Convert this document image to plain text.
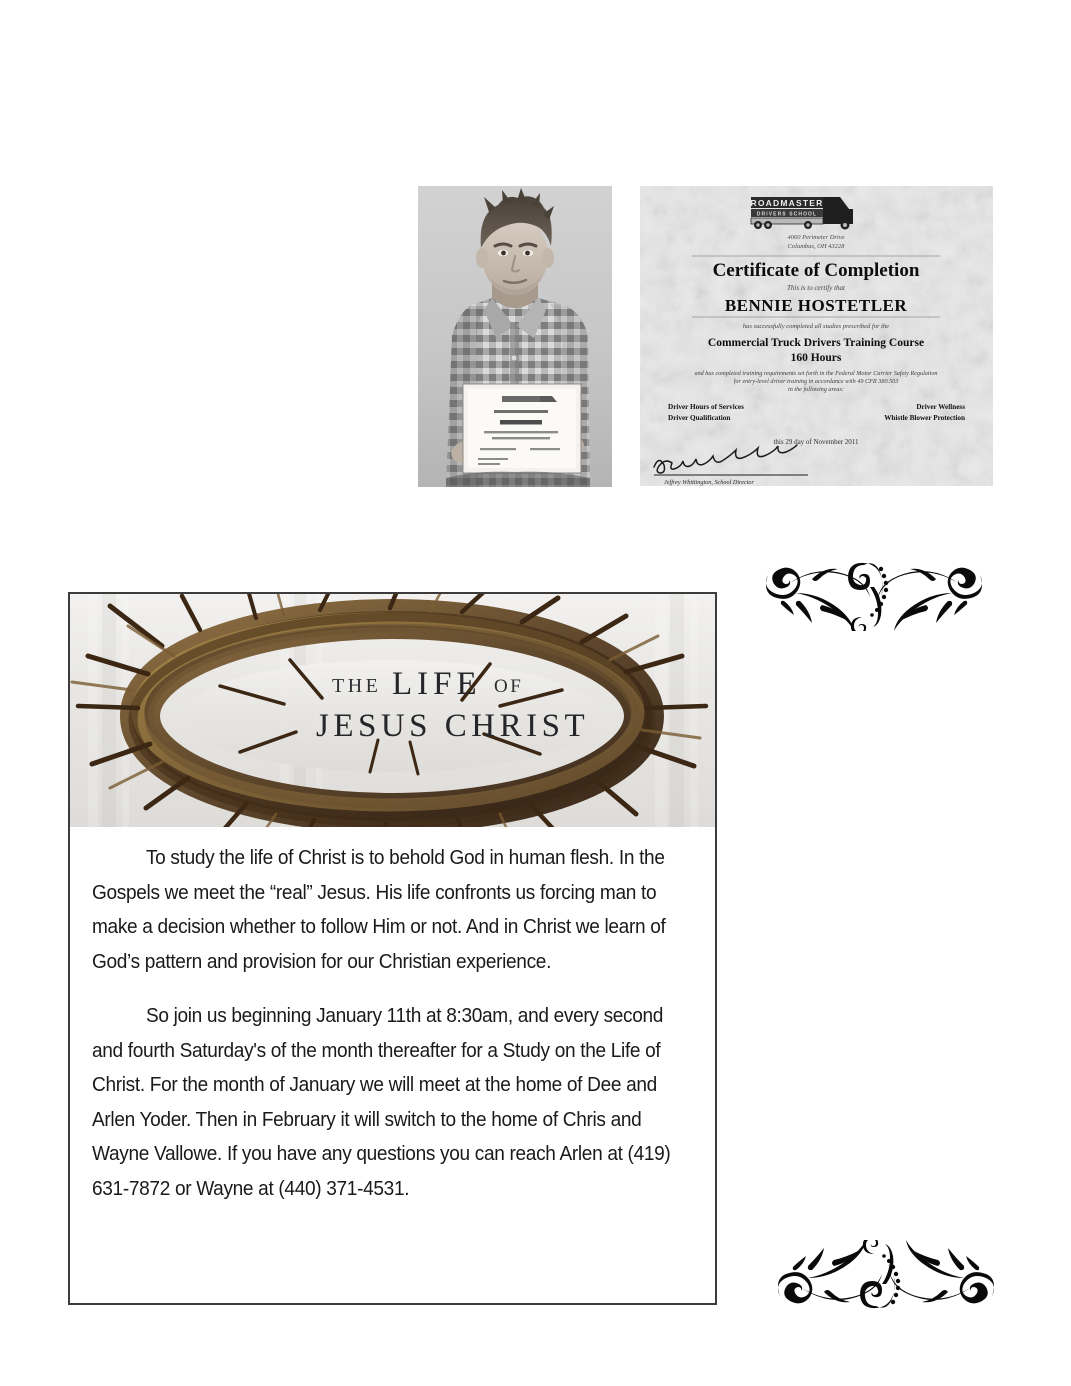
ROADMASTER
DRIVERS SCHOOL
4060 Perimeter Drive
Columbus, OH 43228
Certificate of Completion
This is to certify that
BENNIE HOSTETLER
has successfully completed all studies prescribed for the
Commercial Truck Drivers Training Course
160 Hours
and has completed training requirements set forth in the Federal Motor Carrier Safety Regulation
for entry-level driver training in accordance with 49 CFR 380.503
in the following areas:
Driver Hours of Services
Driver Qualification
Driver Wellness
Whistle Blower Protection
this 29 day of November 2011
Jeffrey Whittington, School Director
THE LIFE OF
JESUS CHRIST

To study the life of Christ is to behold God in human flesh. In the Gospels we meet the “real” Jesus. His life confronts us forcing man to make a decision whether to follow Him or not. And in Christ we learn of God’s pattern and provision for our Christian experience.

So join us beginning January 11th at 8:30am, and every second and fourth Saturday's of the month thereafter for a Study on the Life of Christ. For the month of January we will meet at the home of Dee and Arlen Yoder. Then in February it will switch to the home of Chris and Wayne Vallowe. If you have any questions you can reach Arlen at (419) 631-7872 or Wayne at (440) 371-4531.
